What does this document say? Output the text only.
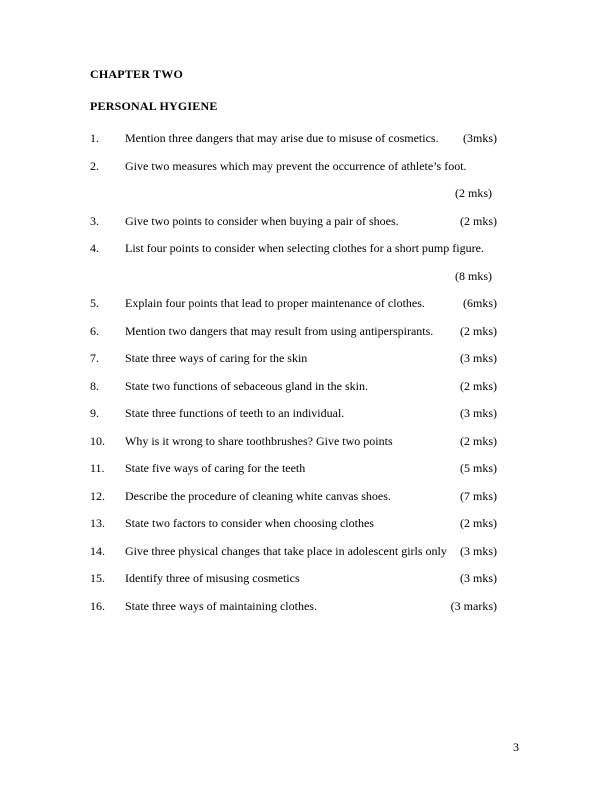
CHAPTER TWO
PERSONAL HYGIENE
1.	Mention three dangers that may arise due to misuse of cosmetics.	(3mks)
2.	Give two measures which may prevent the occurrence of athlete’s foot.
(2 mks)
3.	Give two points to consider when buying a pair of shoes.	(2 mks)
4.	List four points to consider when selecting clothes for a short pump figure.
(8 mks)
5.	Explain four points that lead to proper maintenance of clothes.	(6mks)
6.	Mention two dangers that may result from using antiperspirants.	(2 mks)
7.	State three ways of caring for the skin	(3 mks)
8.	State two functions of sebaceous gland in the skin.	(2 mks)
9.	State three functions of teeth to an individual.	(3 mks)
10.	Why is it wrong to share toothbrushes? Give two points	(2 mks)
11.	State five ways of caring for the teeth	(5 mks)
12.	Describe the procedure of cleaning white canvas shoes.	(7 mks)
13.	State two factors to consider when choosing clothes	(2 mks)
14.	Give three physical changes that take place in adolescent girls only	(3 mks)
15.	Identify three of misusing cosmetics	(3 mks)
16.	State three ways of maintaining clothes.	(3 marks)
3
